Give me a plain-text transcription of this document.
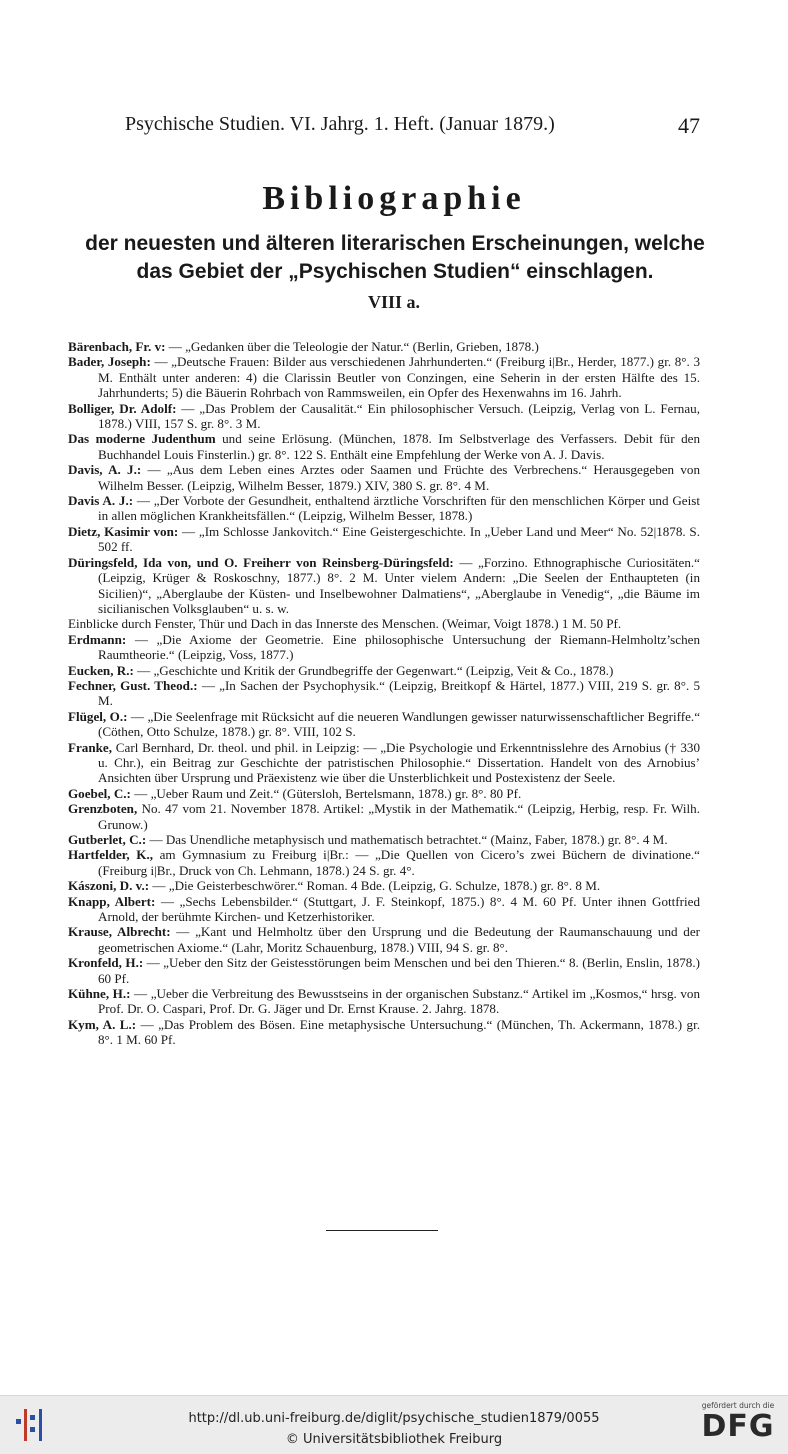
Psychische Studien. VI. Jahrg. 1. Heft. (Januar 1879.)	47
Bibliographie
der neuesten und älteren literarischen Erscheinungen, welche
das Gebiet der „Psychischen Studien“ einschlagen.
VIII a.

Bärenbach, Fr. v: — „Gedanken über die Teleologie der Natur.“ (Berlin, Grieben, 1878.)

Bader, Joseph: — „Deutsche Frauen: Bilder aus verschiedenen Jahrhunderten.“ (Freiburg i|Br., Herder, 1877.) gr. 8°. 3 M. Enthält unter anderen: 4) die Clarissin Beutler von Conzingen, eine Seherin in der ersten Hälfte des 15. Jahrhunderts; 5) die Bäuerin Rohrbach von Rammsweilen, ein Opfer des Hexenwahns im 16. Jahrh.

Bolliger, Dr. Adolf: — „Das Problem der Causalität.“ Ein philosophischer Versuch. (Leipzig, Verlag von L. Fernau, 1878.) VIII, 157 S. gr. 8°. 3 M.

Das moderne Judenthum und seine Erlösung. (München, 1878. Im Selbstverlage des Verfassers. Debit für den Buchhandel Louis Finsterlin.) gr. 8°. 122 S. Enthält eine Empfehlung der Werke von A. J. Davis.

Davis, A. J.: — „Aus dem Leben eines Arztes oder Saamen und Früchte des Verbrechens.“ Herausgegeben von Wilhelm Besser. (Leipzig, Wilhelm Besser, 1879.) XIV, 380 S. gr. 8°. 4 M.

Davis A. J.: — „Der Vorbote der Gesundheit, enthaltend ärztliche Vorschriften für den menschlichen Körper und Geist in allen möglichen Krankheitsfällen.“ (Leipzig, Wilhelm Besser, 1878.)

Dietz, Kasimir von: — „Im Schlosse Jankovitch.“ Eine Geistergeschichte. In „Ueber Land und Meer“ No. 52|1878. S. 502 ff.

Düringsfeld, Ida von, und O. Freiherr von Reinsberg-Düringsfeld: — „Forzino. Ethnographische Curiositäten.“ (Leipzig, Krüger & Roskoschny, 1877.) 8°. 2 M. Unter vielem Andern: „Die Seelen der Enthaupteten (in Sicilien)“, „Aberglaube der Küsten- und Inselbewohner Dalmatiens“, „Aberglaube in Venedig“, „die Bäume im sicilianischen Volksglauben“ u. s. w.

Einblicke durch Fenster, Thür und Dach in das Innerste des Menschen. (Weimar, Voigt 1878.) 1 M. 50 Pf.

Erdmann: — „Die Axiome der Geometrie. Eine philosophische Untersuchung der Riemann-Helmholtz’schen Raumtheorie.“ (Leipzig, Voss, 1877.)

Eucken, R.: — „Geschichte und Kritik der Grundbegriffe der Gegenwart.“ (Leipzig, Veit & Co., 1878.)

Fechner, Gust. Theod.: — „In Sachen der Psychophysik.“ (Leipzig, Breitkopf & Härtel, 1877.) VIII, 219 S. gr. 8°. 5 M.

Flügel, O.: — „Die Seelenfrage mit Rücksicht auf die neueren Wandlungen gewisser naturwissenschaftlicher Begriffe.“ (Cöthen, Otto Schulze, 1878.) gr. 8°. VIII, 102 S.

Franke, Carl Bernhard, Dr. theol. und phil. in Leipzig: — „Die Psychologie und Erkenntnisslehre des Arnobius († 330 u. Chr.), ein Beitrag zur Geschichte der patristischen Philosophie.“ Dissertation. Handelt von des Arnobius’ Ansichten über Ursprung und Präexistenz wie über die Unsterblichkeit und Postexistenz der Seele.

Goebel, C.: — „Ueber Raum und Zeit.“ (Gütersloh, Bertelsmann, 1878.) gr. 8°. 80 Pf.

Grenzboten, No. 47 vom 21. November 1878. Artikel: „Mystik in der Mathematik.“ (Leipzig, Herbig, resp. Fr. Wilh. Grunow.)

Gutberlet, C.: — Das Unendliche metaphysisch und mathematisch betrachtet.“ (Mainz, Faber, 1878.) gr. 8°. 4 M.

Hartfelder, K., am Gymnasium zu Freiburg i|Br.: — „Die Quellen von Cicero’s zwei Büchern de divinatione.“ (Freiburg i|Br., Druck von Ch. Lehmann, 1878.) 24 S. gr. 4°.

Kászoni, D. v.: — „Die Geisterbeschwörer.“ Roman. 4 Bde. (Leipzig, G. Schulze, 1878.) gr. 8°. 8 M.

Knapp, Albert: — „Sechs Lebensbilder.“ (Stuttgart, J. F. Steinkopf, 1875.) 8°. 4 M. 60 Pf. Unter ihnen Gottfried Arnold, der berühmte Kirchen- und Ketzerhistoriker.

Krause, Albrecht: — „Kant und Helmholtz über den Ursprung und die Bedeutung der Raumanschauung und der geometrischen Axiome.“ (Lahr, Moritz Schauenburg, 1878.) VIII, 94 S. gr. 8°.

Kronfeld, H.: — „Ueber den Sitz der Geistesstörungen beim Menschen und bei den Thieren.“ 8. (Berlin, Enslin, 1878.) 60 Pf.

Kühne, H.: — „Ueber die Verbreitung des Bewusstseins in der organischen Substanz.“ Artikel im „Kosmos,“ hrsg. von Prof. Dr. O. Caspari, Prof. Dr. G. Jäger und Dr. Ernst Krause. 2. Jahrg. 1878.

Kym, A. L.: — „Das Problem des Bösen. Eine metaphysische Untersuchung.“ (München, Th. Ackermann, 1878.) gr. 8°. 1 M. 60 Pf.

http://dl.ub.uni-freiburg.de/diglit/psychische_studien1879/0055
© Universitätsbibliothek Freiburg
gefördert durch die
DFG
